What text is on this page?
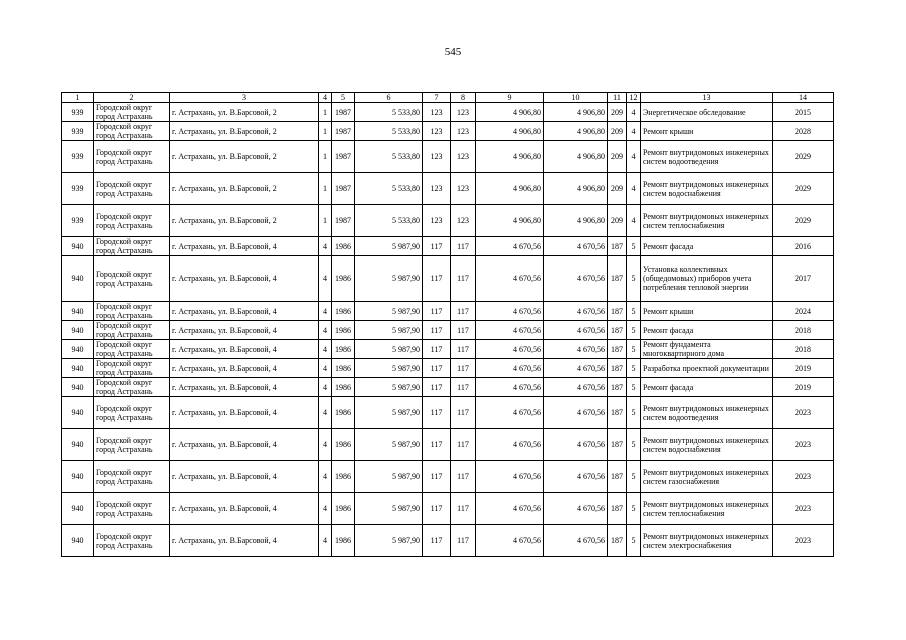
545
1	2	3	4	5	6	7	8	9	10	11	12	13	14
939	Городской округ город Астрахань	г. Астрахань, ул. В.Барсовой, 2	1	1987	5 533,80	123	123	4 906,80	4 906,80	209	4	Энергетическое обследование	2015
939	Городской округ город Астрахань	г. Астрахань, ул. В.Барсовой, 2	1	1987	5 533,80	123	123	4 906,80	4 906,80	209	4	Ремонт крыши	2028
939	Городской округ город Астрахань	г. Астрахань, ул. В.Барсовой, 2	1	1987	5 533,80	123	123	4 906,80	4 906,80	209	4	Ремонт внутридомовых инженерных систем водоотведения	2029
939	Городской округ город Астрахань	г. Астрахань, ул. В.Барсовой, 2	1	1987	5 533,80	123	123	4 906,80	4 906,80	209	4	Ремонт внутридомовых инженерных систем водоснабжения	2029
939	Городской округ город Астрахань	г. Астрахань, ул. В.Барсовой, 2	1	1987	5 533,80	123	123	4 906,80	4 906,80	209	4	Ремонт внутридомовых инженерных систем теплоснабжения	2029
940	Городской округ город Астрахань	г. Астрахань, ул. В.Барсовой, 4	4	1986	5 987,90	117	117	4 670,56	4 670,56	187	5	Ремонт фасада	2016
940	Городской округ город Астрахань	г. Астрахань, ул. В.Барсовой, 4	4	1986	5 987,90	117	117	4 670,56	4 670,56	187	5	Установка коллективных (общедомовых) приборов учета потребления тепловой энергии	2017
940	Городской округ город Астрахань	г. Астрахань, ул. В.Барсовой, 4	4	1986	5 987,90	117	117	4 670,56	4 670,56	187	5	Ремонт крыши	2024
940	Городской округ город Астрахань	г. Астрахань, ул. В.Барсовой, 4	4	1986	5 987,90	117	117	4 670,56	4 670,56	187	5	Ремонт фасада	2018
940	Городской округ город Астрахань	г. Астрахань, ул. В.Барсовой, 4	4	1986	5 987,90	117	117	4 670,56	4 670,56	187	5	Ремонт фундамента многоквартирного дома	2018
940	Городской округ город Астрахань	г. Астрахань, ул. В.Барсовой, 4	4	1986	5 987,90	117	117	4 670,56	4 670,56	187	5	Разработка проектной документации	2019
940	Городской округ город Астрахань	г. Астрахань, ул. В.Барсовой, 4	4	1986	5 987,90	117	117	4 670,56	4 670,56	187	5	Ремонт фасада	2019
940	Городской округ город Астрахань	г. Астрахань, ул. В.Барсовой, 4	4	1986	5 987,90	117	117	4 670,56	4 670,56	187	5	Ремонт внутридомовых инженерных систем водоотведения	2023
940	Городской округ город Астрахань	г. Астрахань, ул. В.Барсовой, 4	4	1986	5 987,90	117	117	4 670,56	4 670,56	187	5	Ремонт внутридомовых инженерных систем водоснабжения	2023
940	Городской округ город Астрахань	г. Астрахань, ул. В.Барсовой, 4	4	1986	5 987,90	117	117	4 670,56	4 670,56	187	5	Ремонт внутридомовых инженерных систем газоснабжения	2023
940	Городской округ город Астрахань	г. Астрахань, ул. В.Барсовой, 4	4	1986	5 987,90	117	117	4 670,56	4 670,56	187	5	Ремонт внутридомовых инженерных систем теплоснабжения	2023
940	Городской округ город Астрахань	г. Астрахань, ул. В.Барсовой, 4	4	1986	5 987,90	117	117	4 670,56	4 670,56	187	5	Ремонт внутридомовых инженерных систем электроснабжения	2023
